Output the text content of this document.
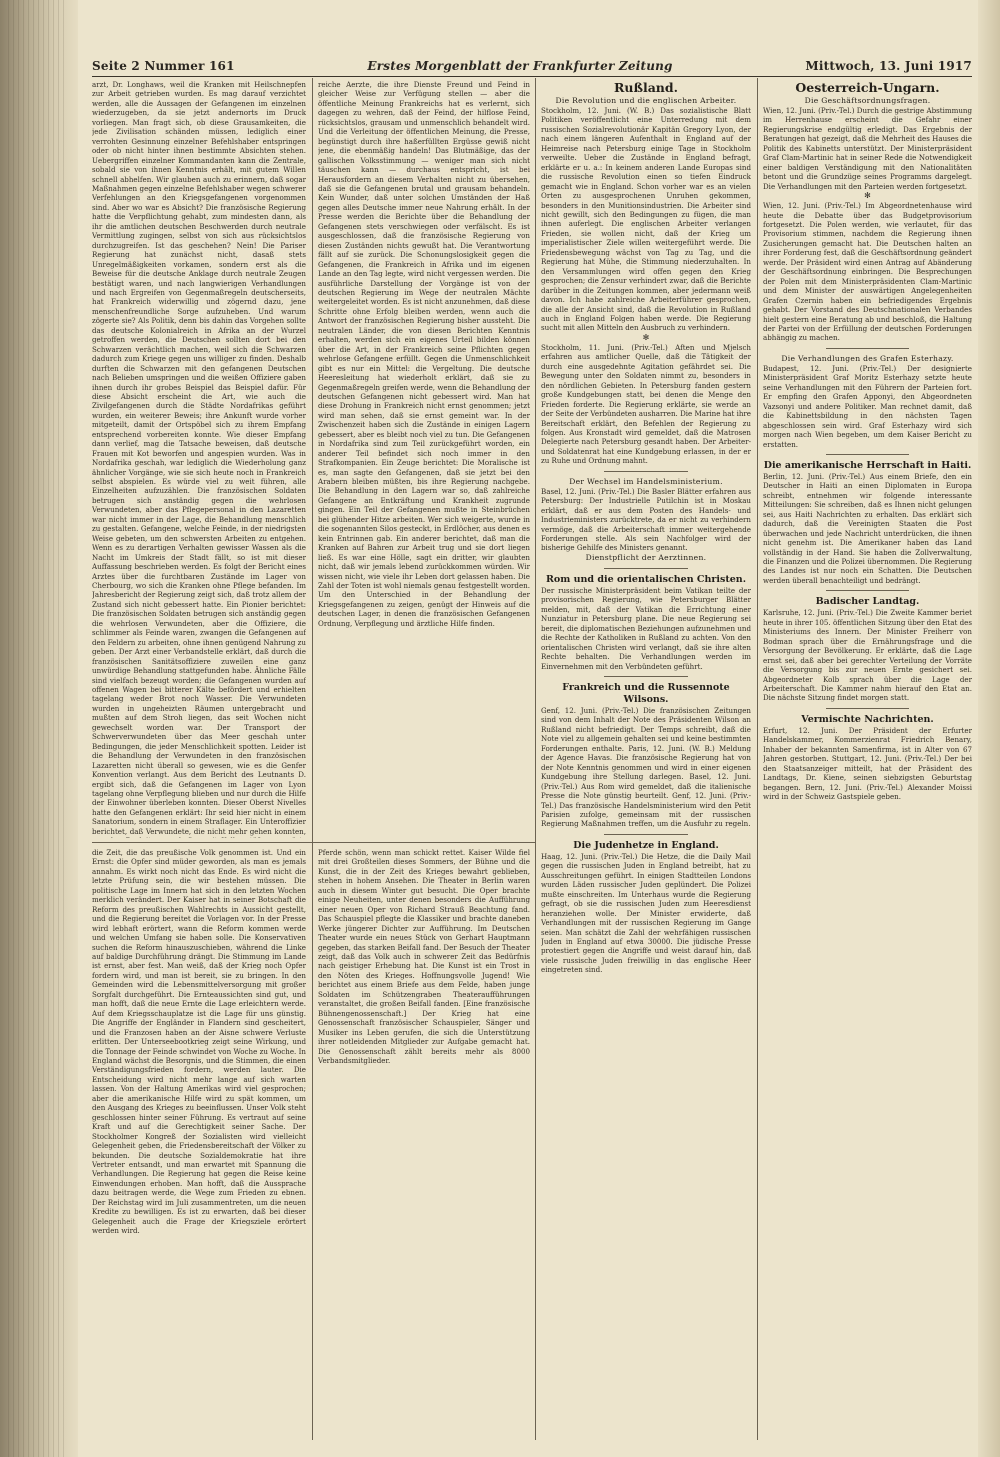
Seite 2 Nummer 161	Erstes Morgenblatt der Frankfurter Zeitung	Mittwoch, 13. Juni 1917
arzt, Dr. Longhaws, weil die Kranken mit Heilschnepfen zur Arbeit getrieben wurden. Es mag darauf verzichtet werden, alle die Aussagen der Gefangenen im einzelnen wiederzugeben, da sie jetzt andernorts im Druck vorliegen. Man fragt sich, ob diese Grausamkeiten, die jede Zivilisation schänden müssen, lediglich einer verrohten Gesinnung einzelner Befehlshaber entspringen oder ob nicht hinter ihnen bestimmte Absichten stehen. Uebergriffen einzelner Kommandanten kann die Zentrale, sobald sie von ihnen Kenntnis erhält, mit gutem Willen schnell abhelfen. Wir glauben auch zu erinnern, daß sogar Maßnahmen gegen einzelne Befehlshaber wegen schwerer Verfehlungen an den Kriegsgefangenen vorgenommen sind. Aber wo war es Absicht? Die französische Regierung hatte die Verpflichtung gehabt, zum mindesten dann, als ihr die amtlichen deutschen Beschwerden durch neutrale Vermittlung zugingen, selbst von sich aus rücksichtslos durchzugreifen. Ist das geschehen? Nein! Die Pariser Regierung hat zunächst nicht, dasaß stets Unregelmäßigkeiten vorkamen, sondern erst als die Beweise für die deutsche Anklage durch neutrale Zeugen bestätigt waren, und nach langwierigen Verhandlungen und nach Ergreifen von Gegenmaßregeln deutscherseits, hat Frankreich widerwillig und zögernd dazu, jene menschenfreundliche Sorge aufzuheben. Und warum zögerte sie? Als Politik, denn bis dahin das Vorgehen sollte das deutsche Kolonialreich in Afrika an der Wurzel getroffen werden, die Deutschen sollten dort bei den Schwarzen verächtlich machen, weil sich die Schwarzen dadurch zum Kriege gegen uns williger zu finden. Deshalb durften die Schwarzen mit den gefangenen Deutschen nach Belieben umspringen und die weißen Offiziere gaben ihnen durch ihr grobes Beispiel das Beispiel dafür. Für diese Absicht erscheint die Art, wie auch die Zivilgefangenen durch die Städte Nordafrikas geführt wurden, ein weiterer Beweis; ihre Ankunft wurde vorher mitgeteilt, damit der Ortspöbel sich zu ihrem Empfang entsprechend vorbereiten konnte. Wie dieser Empfang dann verlief, mag die Tatsache beweisen, daß deutsche Frauen mit Kot beworfen und angespien wurden. Was in Nordafrika geschah, war lediglich die Wiederholung ganz ähnlicher Vorgänge, wie sie sich heute noch in Frankreich selbst abspielen. Es würde viel zu weit führen, alle Einzelheiten aufzuzählen. Die französischen Soldaten betrugen sich anständig gegen die wehrlosen Verwundeten, aber das Pflegepersonal in den Lazaretten war nicht immer in der Lage, die Behandlung menschlich zu gestalten. Gefangene, welche Feinde, in der niedrigsten Weise gebeten, um den schwersten Arbeiten zu entgehen. Wenn es zu derartigen Verhalten gewisser Wassen als die Nacht im Umkreis der Stadt fällt, so ist mit dieser Auffassung beschrieben werden. Es folgt der Bericht eines Arztes über die furchtbaren Zustände im Lager von Cherbourg, wo sich die Kranken ohne Pflege befanden. Im Jahresbericht der Regierung zeigt sich, daß trotz allem der Zustand sich nicht gebessert hatte. Ein Pionier berichtet: Die französischen Soldaten betrugen sich anständig gegen die wehrlosen Verwundeten, aber die Offiziere, die schlimmer als Feinde waren, zwangen die Gefangenen auf den Feldern zu arbeiten, ohne ihnen genügend Nahrung zu geben. Der Arzt einer Verbandstelle erklärt, daß durch die französischen Sanitätsoffiziere zuweilen eine ganz unwürdige Behandlung stattgefunden habe. Ähnliche Fälle sind vielfach bezeugt worden; die Gefangenen wurden auf offenen Wagen bei bitterer Kälte befördert und erhielten tagelang weder Brot noch Wasser. Die Verwundeten wurden in ungeheizten Räumen untergebracht und mußten auf dem Stroh liegen, das seit Wochen nicht gewechselt worden war. Der Transport der Schwerverwundeten über das Meer geschah unter Bedingungen, die jeder Menschlichkeit spotten. Leider ist die Behandlung der Verwundeten in den französischen Lazaretten nicht überall so gewesen, wie es die Genfer Konvention verlangt. Aus dem Bericht des Leutnants D. ergibt sich, daß die Gefangenen im Lager von Lyon tagelang ohne Verpflegung blieben und nur durch die Hilfe der Einwohner überleben konnten. Dieser Oberst Nivelles hatte den Gefangenen erklärt: Ihr seid hier nicht in einem Sanatorium, sondern in einem Straflager. Ein Unteroffizier berichtet, daß Verwundete, die nicht mehr gehen konnten,
reiche Aerzte, die ihre Dienste Freund und Feind in gleicher Weise zur Verfügung stellen — aber die öffentliche Meinung Frankreichs hat es verlernt, sich dagegen zu wehren, daß der Feind, der hilflose Feind, rücksichtslos, grausam und unmenschlich behandelt wird. Und die Verleitung der öffentlichen Meinung, die Presse, begünstigt durch ihre haßerfüllten Ergüsse gewiß nicht jene, die ebenmäßig handeln! Das Blutmäßige, das der gallischen Volksstimmung — weniger man sich nicht täuschen kann — durchaus entspricht, ist bei Herausfordern an diesem Verhalten nicht zu übersehen, daß sie die Gefangenen brutal und grausam behandeln. Kein Wunder, daß unter solchen Umständen der Haß gegen alles Deutsche immer neue Nahrung erhält. In der Presse werden die Berichte über die Behandlung der Gefangenen stets verschwiegen oder verfälscht. Es ist ausgeschlossen, daß die französische Regierung von diesen Zuständen nichts gewußt hat. Die Verantwortung fällt auf sie zurück. Die Schonungslosigkeit gegen die Gefangenen, die Frankreich in Afrika und im eigenen Lande an den Tag legte, wird nicht vergessen werden. Die ausführliche Darstellung der Vorgänge ist von der deutschen Regierung im Wege der neutralen Mächte weitergeleitet worden. Es ist nicht anzunehmen, daß diese Schritte ohne Erfolg bleiben werden, wenn auch die Antwort der französischen Regierung bisher aussteht. Die neutralen Länder, die von diesen Berichten Kenntnis erhalten, werden sich ein eigenes Urteil bilden können über die Art, in der Frankreich seine Pflichten gegen wehrlose Gefangene erfüllt. Gegen die Unmenschlichkeit gibt es nur ein Mittel: die Vergeltung. Die deutsche Heeresleitung hat wiederholt erklärt, daß sie zu Gegenmaßregeln greifen werde, wenn die Behandlung der deutschen Gefangenen nicht gebessert wird. Man hat diese Drohung in Frankreich nicht ernst genommen; jetzt wird man sehen, daß sie ernst gemeint war. In der Zwischenzeit haben sich die Zustände in einigen Lagern gebessert, aber es bleibt noch viel zu tun. Die Gefangenen in Nordafrika sind zum Teil zurückgeführt worden, ein anderer Teil befindet sich noch immer in den Strafkompanien. Ein Zeuge berichtet: Die Moralische ist es, man sagte den Gefangenen, daß sie jetzt bei den Arabern bleiben müßten, bis ihre Regierung nachgebe. Die Behandlung in den Lagern war so, daß zahlreiche Gefangene an Entkräftung und Krankheit zugrunde gingen. Ein Teil der Gefangenen mußte in Steinbrüchen bei glühender Hitze arbeiten. Wer sich weigerte, wurde in die sogenannten Silos gesteckt, in Erdlöcher, aus denen es kein Entrinnen gab. Ein anderer berichtet, daß man die Kranken auf Bahren zur Arbeit trug und sie dort liegen ließ. Es war eine Hölle, sagt ein dritter, wir glaubten nicht, daß wir jemals lebend zurückkommen würden. Wir wissen nicht, wie viele ihr Leben dort gelassen haben. Die Zahl der Toten ist wohl niemals genau festgestellt worden. Um den Unterschied in der Behandlung der Kriegsgefangenen zu zeigen, genügt der Hinweis auf die deutschen Lager, in denen die französischen Gefangenen Ordnung, Verpflegung und ärztliche Hilfe finden.
die Zeit, die das preußische Volk genommen ist. Und ein Ernst: die Opfer sind müder geworden, als man es jemals annahm. Es wirkt noch nicht das Ende. Es wird nicht die letzte Prüfung sein, die wir bestehen müssen. Die politische Lage im Innern hat sich in den letzten Wochen merklich verändert. Der Kaiser hat in seiner Botschaft die Reform des preußischen Wahlrechts in Aussicht gestellt, und die Regierung bereitet die Vorlagen vor. In der Presse wird lebhaft erörtert, wann die Reform kommen werde und welchen Umfang sie haben solle. Die Konservativen suchen die Reform hinauszuschieben, während die Linke auf baldige Durchführung drängt. Die Stimmung im Lande ist ernst, aber fest. Man weiß, daß der Krieg noch Opfer fordern wird, und man ist bereit, sie zu bringen. In den Gemeinden wird die Lebensmittelversorgung mit großer Sorgfalt durchgeführt. Die Ernteaussichten sind gut, und man hofft, daß die neue Ernte die Lage erleichtern werde. Auf dem Kriegsschauplatze ist die Lage für uns günstig. Die Angriffe der Engländer in Flandern sind gescheitert, und die Franzosen haben an der Aisne schwere Verluste erlitten. Der Unterseebootkrieg zeigt seine Wirkung, und die Tonnage der Feinde schwindet von Woche zu Woche. In England wächst die Besorgnis, und die Stimmen, die einen Verständigungsfrieden fordern, werden lauter. Die Entscheidung wird nicht mehr lange auf sich warten lassen. Von der Haltung Amerikas wird viel gesprochen; aber die amerikanische Hilfe wird zu spät kommen, um den Ausgang des Krieges zu beeinflussen. Unser Volk steht geschlossen hinter seiner Führung. Es vertraut auf seine Kraft und auf die Gerechtigkeit seiner Sache. Der Stockholmer Kongreß der Sozialisten wird vielleicht Gelegenheit geben, die Friedensbereitschaft der Völker zu bekunden. Die deutsche Sozialdemokratie hat ihre Vertreter entsandt, und man erwartet mit Spannung die Verhandlungen. Die Regierung hat gegen die Reise keine Einwendungen erhoben. Man hofft, daß die Aussprache dazu beitragen werde, die Wege zum Frieden zu ebnen. Der Reichstag wird im Juli zusammentreten, um die neuen Kredite zu bewilligen. Es ist zu erwarten, daß bei dieser Gelegenheit auch die Frage der Kriegsziele erörtert werden wird.
Pferde schön, wenn man schickt rettet. Kaiser Wilde fiel mit drei Großteilen dieses Sommers, der Bühne und die Kunst, die in der Zeit des Krieges bewahrt geblieben, stehen in hohem Ansehen. Die Theater in Berlin waren auch in diesem Winter gut besucht. Die Oper brachte einige Neuheiten, unter denen besonders die Aufführung einer neuen Oper von Richard Strauß Beachtung fand. Das Schauspiel pflegte die Klassiker und brachte daneben Werke jüngerer Dichter zur Aufführung. Im Deutschen Theater wurde ein neues Stück von Gerhart Hauptmann gegeben, das starken Beifall fand. Der Besuch der Theater zeigt, daß das Volk auch in schwerer Zeit das Bedürfnis nach geistiger Erhebung hat. Die Kunst ist ein Trost in den Nöten des Krieges. Hoffnungsvolle Jugend! Wie berichtet aus einem Briefe aus dem Felde, haben junge Soldaten im Schützengraben Theateraufführungen veranstaltet, die großen Beifall fanden. [Eine französische Bühnengenossenschaft.] Der Krieg hat eine Genossenschaft französischer Schauspieler, Sänger und Musiker ins Leben gerufen, die sich die Unterstützung ihrer notleidenden Mitglieder zur Aufgabe gemacht hat. Die Genossenschaft zählt bereits mehr als 8000 Verbandsmitglieder.
Rußland.
Die Revolution und die englischen Arbeiter.
Stockholm, 12. Juni. (W. B.) Das sozialistische Blatt Politiken veröffentlicht eine Unterredung mit dem russischen Sozialrevolutionär Kapitän Gregory Lyon, der nach einem längeren Aufenthalt in England auf der Heimreise nach Petersburg einige Tage in Stockholm verweilte. Ueber die Zustände in England befragt, erklärte er u. a.: In keinem anderen Lande Europas sind die russische Revolution einen so tiefen Eindruck gemacht wie in England. Schon vorher war es an vielen Orten zu ausgesprochenen Unruhen gekommen, besonders in den Munitionsindustrien. Die Arbeiter sind nicht gewillt, sich den Bedingungen zu fügen, die man ihnen auferlegt. Die englischen Arbeiter verlangen Frieden, sie wollen nicht, daß der Krieg um imperialistischer Ziele willen weitergeführt werde. Die Friedensbewegung wächst von Tag zu Tag, und die Regierung hat Mühe, die Stimmung niederzuhalten. In den Versammlungen wird offen gegen den Krieg gesprochen; die Zensur verhindert zwar, daß die Berichte darüber in die Zeitungen kommen, aber jedermann weiß davon. Ich habe zahlreiche Arbeiterführer gesprochen, die alle der Ansicht sind, daß die Revolution in Rußland auch in England Folgen haben werde. Die Regierung sucht mit allen Mitteln den Ausbruch zu verhindern.
✻
Stockholm, 11. Juni. (Priv.-Tel.) Aften und Mjelsch erfahren aus amtlicher Quelle, daß die Tätigkeit der durch eine ausgedehnte Agitation gefährdet sei. Die Bewegung unter den Soldaten nimmt zu, besonders in den nördlichen Gebieten. In Petersburg fanden gestern große Kundgebungen statt, bei denen die Menge den Frieden forderte. Die Regierung erklärte, sie werde an der Seite der Verbündeten ausharren. Die Marine hat ihre Bereitschaft erklärt, den Befehlen der Regierung zu folgen. Aus Kronstadt wird gemeldet, daß die Matrosen Delegierte nach Petersburg gesandt haben. Der Arbeiter- und Soldatenrat hat eine Kundgebung erlassen, in der er zu Ruhe und Ordnung mahnt.
Der Wechsel im Handelsministerium.
Basel, 12. Juni. (Priv.-Tel.) Die Basler Blätter erfahren aus Petersburg: Der Industrielle Putilchin ist in Moskau erklärt, daß er aus dem Posten des Handels- und Industrieministers zurücktrete, da er nicht zu verhindern vermöge, daß die Arbeiterschaft immer weitergehende Forderungen stelle. Als sein Nachfolger wird der bisherige Gehilfe des Ministers genannt.
Dienstpflicht der Aerztinnen.
Rom und die orientalischen Christen.
Der russische Ministerpräsident beim Vatikan teilte der provisorischen Regierung, wie Petersburger Blätter melden, mit, daß der Vatikan die Errichtung einer Nunziatur in Petersburg plane. Die neue Regierung sei bereit, die diplomatischen Beziehungen aufzunehmen und die Rechte der Katholiken in Rußland zu achten. Von den orientalischen Christen wird verlangt, daß sie ihre alten Rechte behalten. Die Verhandlungen werden im Einvernehmen mit den Verbündeten geführt.
Frankreich und die Russennote Wilsons.
Genf, 12. Juni. (Priv.-Tel.) Die französischen Zeitungen sind von dem Inhalt der Note des Präsidenten Wilson an Rußland nicht befriedigt. Der Temps schreibt, daß die Note viel zu allgemein gehalten sei und keine bestimmten Forderungen enthalte. Paris, 12. Juni. (W. B.) Meldung der Agence Havas. Die französische Regierung hat von der Note Kenntnis genommen und wird in einer eigenen Kundgebung ihre Stellung darlegen. Basel, 12. Juni. (Priv.-Tel.) Aus Rom wird gemeldet, daß die italienische Presse die Note günstig beurteilt. Genf, 12. Juni. (Priv.-Tel.) Das französische Handelsministerium wird den Petit Parisien zufolge, gemeinsam mit der russischen Regierung Maßnahmen treffen, um die Ausfuhr zu regeln.
Die Judenhetze in England.
Haag, 12. Juni. (Priv.-Tel.) Die Hetze, die die Daily Mail gegen die russischen Juden in England betreibt, hat zu Ausschreitungen geführt. In einigen Stadtteilen Londons wurden Läden russischer Juden geplündert. Die Polizei mußte einschreiten. Im Unterhaus wurde die Regierung gefragt, ob sie die russischen Juden zum Heeresdienst heranziehen wolle. Der Minister erwiderte, daß Verhandlungen mit der russischen Regierung im Gange seien. Man schätzt die Zahl der wehrfähigen russischen Juden in England auf etwa 30000. Die jüdische Presse protestiert gegen die Angriffe und weist darauf hin, daß viele russische Juden freiwillig in das englische Heer eingetreten sind.
Oesterreich-Ungarn.
Die Geschäftsordnungsfragen.
Wien, 12. Juni. (Priv.-Tel.) Durch die gestrige Abstimmung im Herrenhause erscheint die Gefahr einer Regierungskrise endgültig erledigt. Das Ergebnis der Beratungen hat gezeigt, daß die Mehrheit des Hauses die Politik des Kabinetts unterstützt. Der Ministerpräsident Graf Clam-Martinic hat in seiner Rede die Notwendigkeit einer baldigen Verständigung mit den Nationalitäten betont und die Grundzüge seines Programms dargelegt. Die Verhandlungen mit den Parteien werden fortgesetzt.
✻
Wien, 12. Juni. (Priv.-Tel.) Im Abgeordnetenhause wird heute die Debatte über das Budgetprovisorium fortgesetzt. Die Polen werden, wie verlautet, für das Provisorium stimmen, nachdem die Regierung ihnen Zusicherungen gemacht hat. Die Deutschen halten an ihrer Forderung fest, daß die Geschäftsordnung geändert werde. Der Präsident wird einen Antrag auf Abänderung der Geschäftsordnung einbringen. Die Besprechungen der Polen mit dem Ministerpräsidenten Clam-Martinic und dem Minister der auswärtigen Angelegenheiten Grafen Czernin haben ein befriedigendes Ergebnis gehabt. Der Vorstand des Deutschnationalen Verbandes hielt gestern eine Beratung ab und beschloß, die Haltung der Partei von der Erfüllung der deutschen Forderungen abhängig zu machen.
Die Verhandlungen des Grafen Esterhazy.
Budapest, 12. Juni. (Priv.-Tel.) Der designierte Ministerpräsident Graf Moritz Esterhazy setzte heute seine Verhandlungen mit den Führern der Parteien fort. Er empfing den Grafen Apponyi, den Abgeordneten Vazsonyi und andere Politiker. Man rechnet damit, daß die Kabinettsbildung in den nächsten Tagen abgeschlossen sein wird. Graf Esterhazy wird sich morgen nach Wien begeben, um dem Kaiser Bericht zu erstatten.
Die amerikanische Herrschaft in Haiti.
Berlin, 12. Juni. (Priv.-Tel.) Aus einem Briefe, den ein Deutscher in Haiti an einen Diplomaten in Europa schreibt, entnehmen wir folgende interessante Mitteilungen: Sie schreiben, daß es Ihnen nicht gelungen sei, aus Haiti Nachrichten zu erhalten. Das erklärt sich dadurch, daß die Vereinigten Staaten die Post überwachen und jede Nachricht unterdrücken, die ihnen nicht genehm ist. Die Amerikaner haben das Land vollständig in der Hand. Sie haben die Zollverwaltung, die Finanzen und die Polizei übernommen. Die Regierung des Landes ist nur noch ein Schatten. Die Deutschen werden überall benachteiligt und bedrängt.
Badischer Landtag.
Karlsruhe, 12. Juni. (Priv.-Tel.) Die Zweite Kammer beriet heute in ihrer 105. öffentlichen Sitzung über den Etat des Ministeriums des Innern. Der Minister Freiherr von Bodman sprach über die Ernährungsfrage und die Versorgung der Bevölkerung. Er erklärte, daß die Lage ernst sei, daß aber bei gerechter Verteilung der Vorräte die Versorgung bis zur neuen Ernte gesichert sei. Abgeordneter Kolb sprach über die Lage der Arbeiterschaft. Die Kammer nahm hierauf den Etat an. Die nächste Sitzung findet morgen statt.
Vermischte Nachrichten.
Erfurt, 12. Juni. Der Präsident der Erfurter Handelskammer, Kommerzienrat Friedrich Benary, Inhaber der bekannten Samenfirma, ist in Alter von 67 Jahren gestorben. Stuttgart, 12. Juni. (Priv.-Tel.) Der bei den Staatsanzeiger mitteilt, hat der Präsident des Landtags, Dr. Kiene, seinen siebzigsten Geburtstag begangen. Bern, 12. Juni. (Priv.-Tel.) Alexander Moissi wird in der Schweiz Gastspiele geben.
